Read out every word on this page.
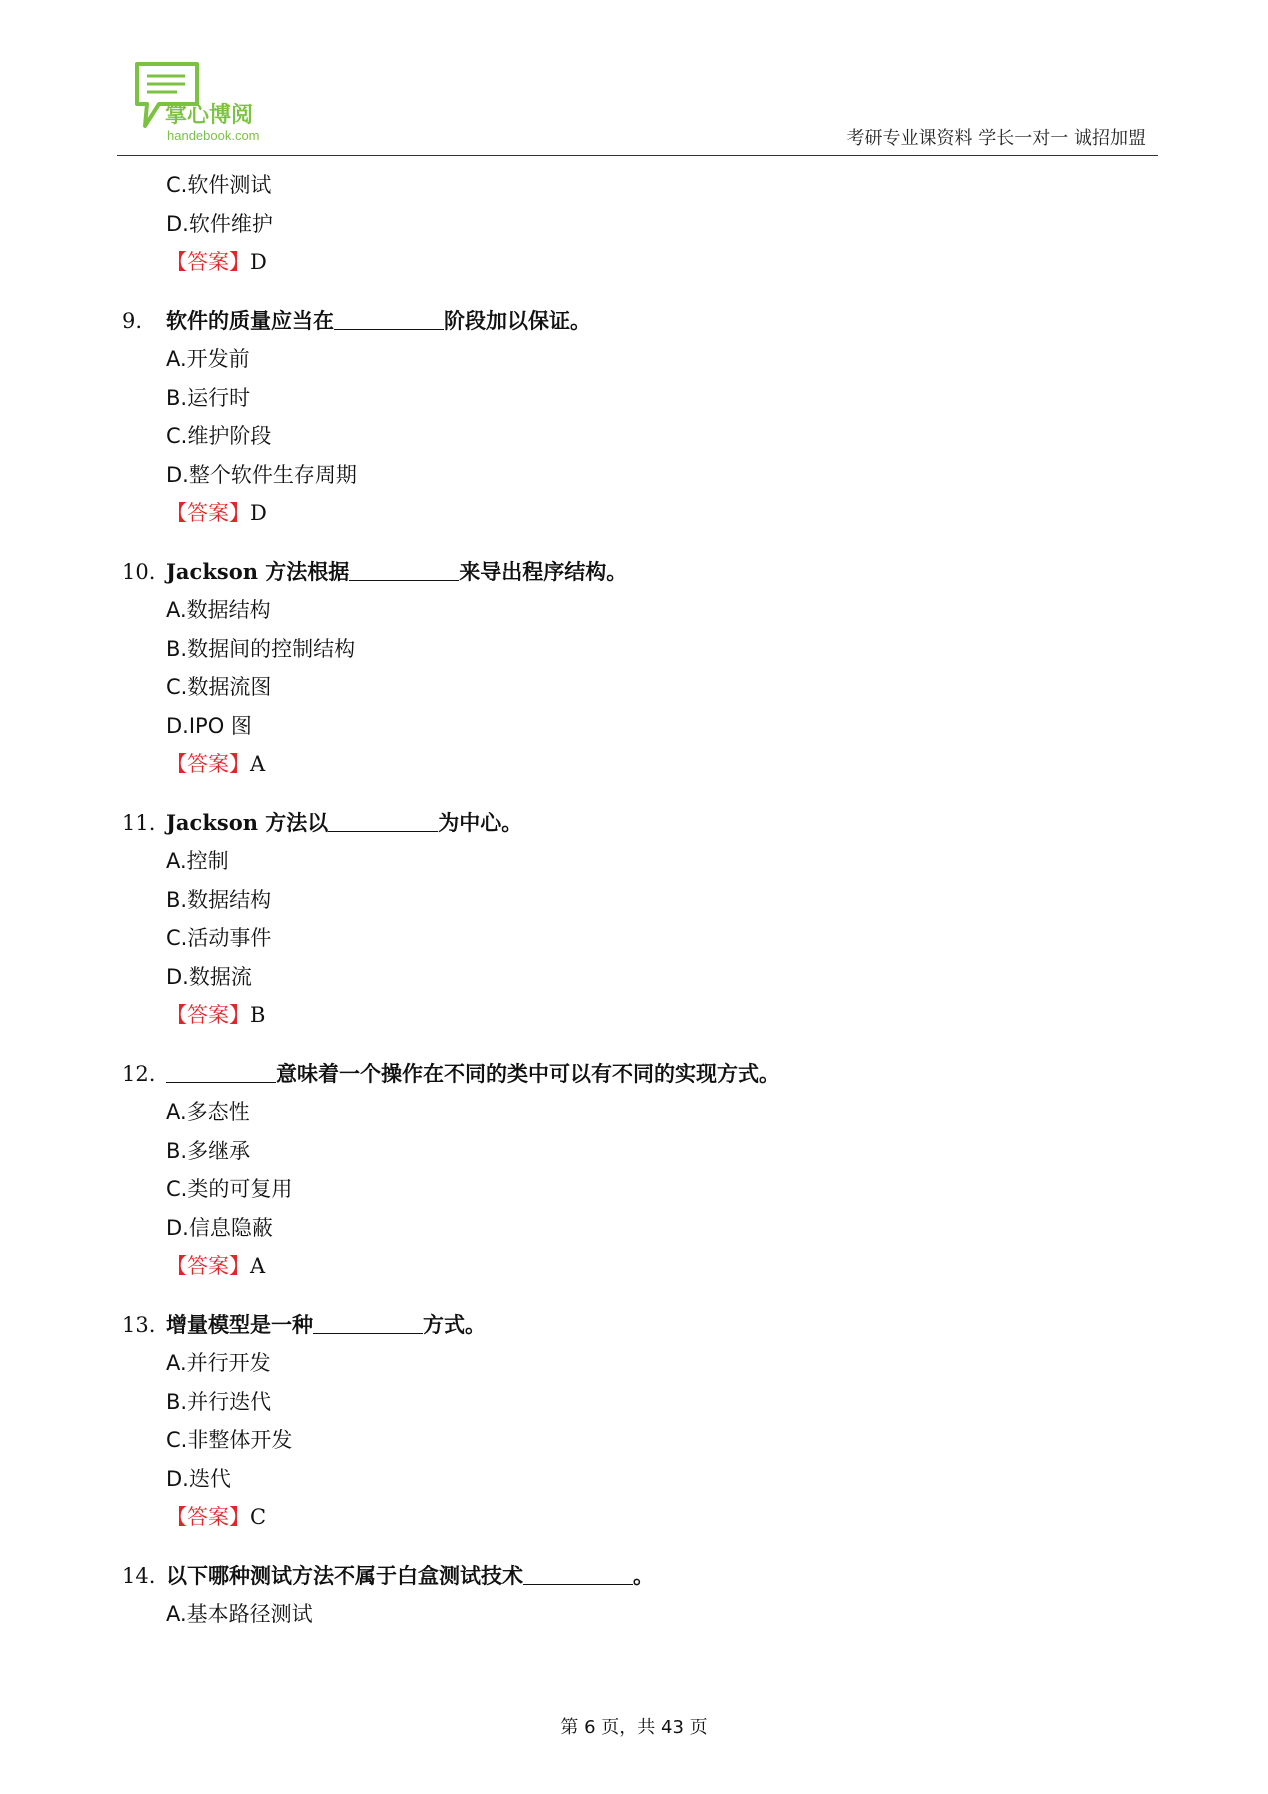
掌心博阅
handebook.com	考研专业课资料 学长一对一 诚招加盟
C.软件测试
D.软件维护
【答案】D
9. 软件的质量应当在	阶段加以保证。
A.开发前
B.运行时
C.维护阶段
D.整个软件生存周期
【答案】D
10. Jackson 方法根据	来导出程序结构。
A.数据结构
B.数据间的控制结构
C.数据流图
D.IPO 图
【答案】A
11. Jackson 方法以	为中心。
A.控制
B.数据结构
C.活动事件
D.数据流
【答案】B
12.	意味着一个操作在不同的类中可以有不同的实现方式。
A.多态性
B.多继承
C.类的可复用
D.信息隐蔽
【答案】A
13. 增量模型是一种	方式。
A.并行开发
B.并行迭代
C.非整体开发
D.迭代
【答案】C
14. 以下哪种测试方法不属于白盒测试技术	。
A.基本路径测试
第 6 页，共 43 页
